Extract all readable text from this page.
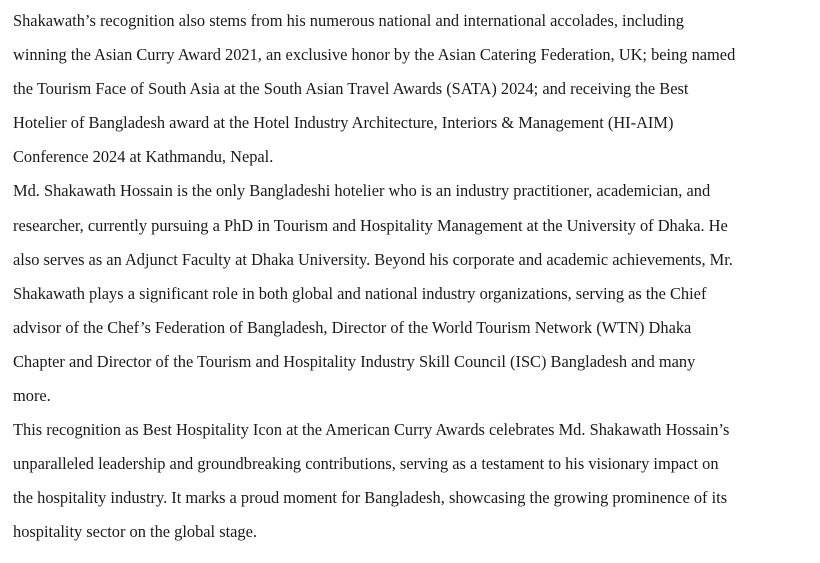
Shakawath’s recognition also stems from his numerous national and international accolades, including
winning the Asian Curry Award 2021, an exclusive honor by the Asian Catering Federation, UK; being named
the Tourism Face of South Asia at the South Asian Travel Awards (SATA) 2024; and receiving the Best
Hotelier of Bangladesh award at the Hotel Industry Architecture, Interiors & Management (HI-AIM)
Conference 2024 at Kathmandu, Nepal.

Md. Shakawath Hossain is the only Bangladeshi hotelier who is an industry practitioner, academician, and
researcher, currently pursuing a PhD in Tourism and Hospitality Management at the University of Dhaka. He
also serves as an Adjunct Faculty at Dhaka University. Beyond his corporate and academic achievements, Mr.
Shakawath plays a significant role in both global and national industry organizations, serving as the Chief
advisor of the Chef’s Federation of Bangladesh, Director of the World Tourism Network (WTN) Dhaka
Chapter and Director of the Tourism and Hospitality Industry Skill Council (ISC) Bangladesh and many
more.

This recognition as Best Hospitality Icon at the American Curry Awards celebrates Md. Shakawath Hossain’s
unparalleled leadership and groundbreaking contributions, serving as a testament to his visionary impact on
the hospitality industry. It marks a proud moment for Bangladesh, showcasing the growing prominence of its
hospitality sector on the global stage.
